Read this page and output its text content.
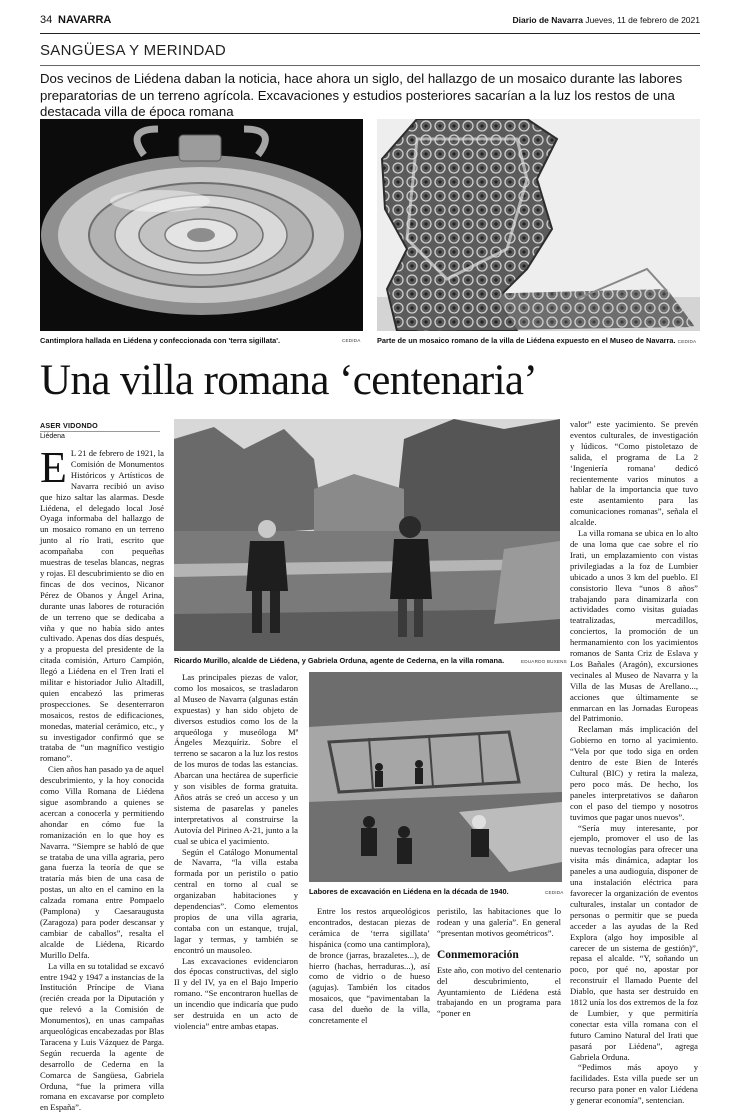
34 NAVARRA	Diario de Navarra Jueves, 11 de febrero de 2021
SANGÜESA Y MERINDAD
Dos vecinos de Liédena daban la noticia, hace ahora un siglo, del hallazgo de un mosaico durante las labores preparatorias de un terreno agrícola. Excavaciones y estudios posteriores sacarían a la luz los restos de una destacada villa de época romana
Cantimplora hallada en Liédena y confeccionada con 'terra sigillata'.	CEDIDA Parte de un mosaico romano de la villa de Liédena expuesto en el Museo de Navarra. CEDIDA
Una villa romana ‘centenaria’
ASER VIDONDO
Liédena
E L 21 de febrero de 1921, la Comisión de Monumentos Históricos y Artísticos de Navarra recibió un aviso que hizo saltar las alarmas. Desde Liédena, el delegado local José Oyaga informaba del hallazgo de un mosaico romano en un terreno junto al río Irati, escrito que acompañaba con pequeñas muestras de teselas blancas, negras y rojas. El descubrimiento se dio en fincas de dos vecinos, Nicanor Pérez de Obanos y Ángel Arina, durante unas labores de roturación de un terreno que se dedicaba a viña y que no había sido antes cultivado. Apenas dos días después, y a propuesta del presidente de la citada comisión, Arturo Campión, llegó a Liédena en el Tren Irati el militar e historiador Julio Altadill, quien encabezó las primeras prospecciones. Se desenterraron mosaicos, restos de edificaciones, monedas, material cerámico, etc., y su investigador confirmó que se trataba de “un magnífico vestigio romano”.

Cien años han pasado ya de aquel descubrimiento, y la hoy conocida como Villa Romana de Liédena sigue asombrando a quienes se acercan a conocerla y permitiendo ahondar en cómo fue la romanización en lo que hoy es Navarra. “Siempre se habló de que se trataba de una villa agraria, pero gana fuerza la teoría de que se trataría más bien de una casa de postas, un alto en el camino en la calzada romana entre Pompaelo (Pamplona) y Caesaraugusta (Zaragoza) para poder descansar y cambiar de caballos”, resalta el alcalde de Liédena, Ricardo Murillo Delfa.

La villa en su totalidad se excavó entre 1942 y 1947 a instancias de la Institución Príncipe de Viana (recién creada por la Diputación y que relevó a la Comisión de Monumentos), en unas campañas arqueológicas encabezadas por Blas Taracena y Luis Vázquez de Parga. Según recuerda la agente de desarrollo de Cederna en la Comarca de Sangüesa, Gabriela Orduna, “fue la primera villa romana en excavarse por completo en España”.

Ricardo Murillo, alcalde de Liédena, y Gabriela Orduna, agente de Cederna, en la villa romana.	EDUARDO BUXENS

Las principales piezas de valor, como los mosaicos, se trasladaron al Museo de Navarra (algunas están expuestas) y han sido objeto de diversos estudios como los de la arqueóloga y museóloga Mª Ángeles Mezquíriz. Sobre el terreno se sacaron a la luz los restos de los muros de todas las estancias. Abarcan una hectárea de superficie y son visibles de forma gratuita. Años atrás se creó un acceso y un sistema de pasarelas y paneles interpretativos al construirse la Autovía del Pirineo A-21, junto a la cual se ubica el yacimiento.

Según el Catálogo Monumental de Navarra, “la villa estaba formada por un peristilo o patio central en torno al cual se organizaban habitaciones y dependencias”. Como elementos propios de una villa agraria, contaba con un estanque, trujal, lagar y termas, y también se encontró un mausoleo.

Las excavaciones evidenciaron dos épocas constructivas, del siglo II y del IV, ya en el Bajo Imperio romano. “Se encontraron huellas de un incendio que indicaría que pudo ser destruida en un acto de violencia” entre ambas etapas.

Labores de excavación en Liédena en la década de 1940.	CEDIDA

Entre los restos arqueológicos encontrados, destacan piezas de cerámica de ‘terra sigillata’ hispánica (como una cantimplora), de bronce (jarras, brazaletes...), de hierro (hachas, herraduras...), así como de vidrio o de hueso (agujas). También los citados mosaicos, que “pavimentaban la casa del dueño de la villa, concretamente el

peristilo, las habitaciones que lo rodean y una galería”. En general “presentan motivos geométricos”.

Conmemoración

Este año, con motivo del centenario del descubrimiento, el Ayuntamiento de Liédena está trabajando en un programa para “poner en

valor” este yacimiento. Se prevén eventos culturales, de investigación y lúdicos. “Como pistoletazo de salida, el programa de La 2 ‘Ingeniería romana’ dedicó recientemente varios minutos a hablar de la importancia que tuvo este asentamiento para las comunicaciones romanas”, señala el alcalde.

La villa romana se ubica en lo alto de una loma que cae sobre el río Irati, un emplazamiento con vistas privilegiadas a la foz de Lumbier ubicado a unos 3 km del pueblo. El consistorio lleva “unos 8 años” trabajando para dinamizarla con actividades como visitas guiadas teatralizadas, mercadillos, conciertos, la promoción de un hermanamiento con los yacimientos romanos de Santa Criz de Eslava y Los Bañales (Aragón), excursiones vecinales al Museo de Navarra y la Villa de las Musas de Arellano..., acciones que últimamente se enmarcan en las Jornadas Europeas del Patrimonio.

Reclaman más implicación del Gobierno en torno al yacimiento. “Vela por que todo siga en orden dentro de este Bien de Interés Cultural (BIC) y retira la maleza, pero poco más. De hecho, los paneles interpretativos se dañaron con el paso del tiempo y nosotros tuvimos que pagar unos nuevos”.

“Sería muy interesante, por ejemplo, promover el uso de las nuevas tecnologías para ofrecer una visita más dinámica, adaptar los paneles a una audioguía, disponer de una instalación eléctrica para favorecer la organización de eventos culturales, instalar un contador de personas o permitir que se pueda acceder a las ayudas de la Red Explora (algo hoy imposible al carecer de un sistema de gestión)”, repasa el alcalde. “Y, soñando un poco, por qué no, apostar por reconstruir el llamado Puente del Diablo, que hasta ser destruido en 1812 unía los dos extremos de la foz de Lumbier, y que permitiría conectar esta villa romana con el futuro Camino Natural del Irati que pasará por Liédena”, agrega Gabriela Orduna.

“Pedimos más apoyo y facilidades. Esta villa puede ser un recurso para poner en valor Liédena y generar economía”, sentencian.
